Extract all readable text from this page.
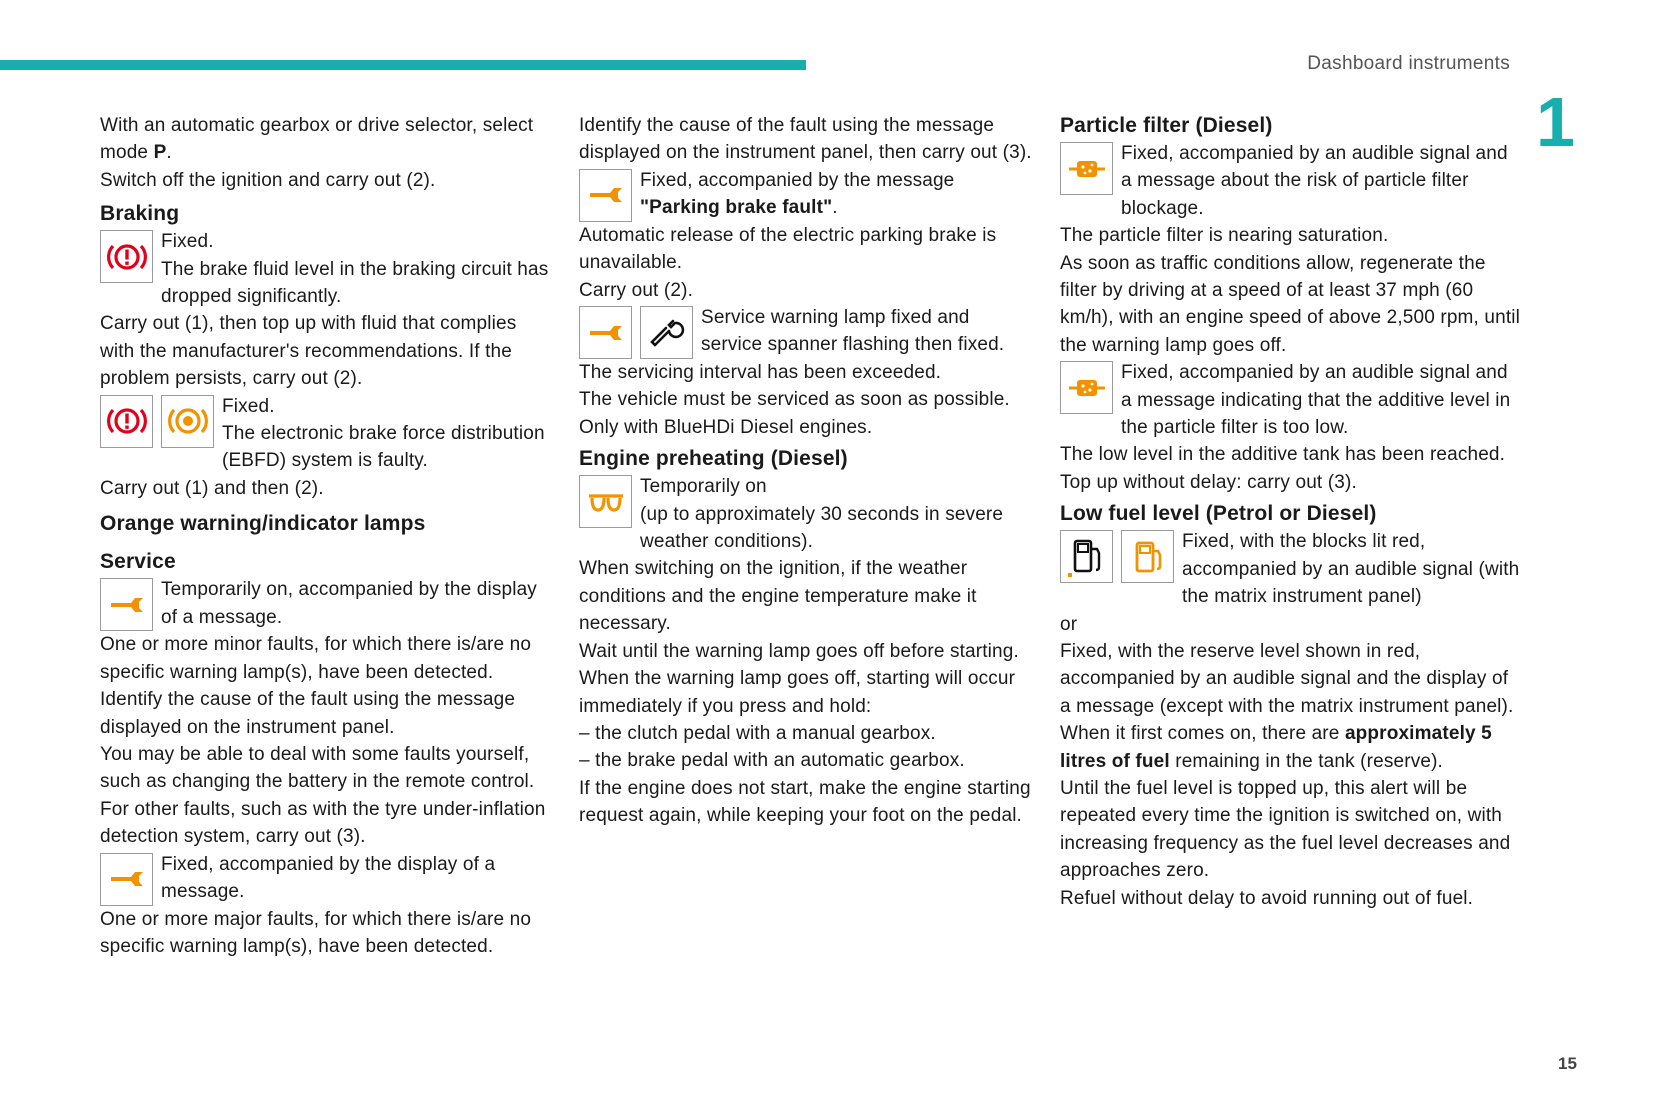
Dashboard instruments
1
15

With an automatic gearbox or drive selector, select mode P.

Switch off the ignition and carry out (2).

Braking

Fixed.

The brake fluid level in the braking circuit has dropped significantly.

Carry out (1), then top up with fluid that complies with the manufacturer's recommendations. If the problem persists, carry out (2).

Fixed.

The electronic brake force distribution (EBFD) system is faulty.

Carry out (1) and then (2).

Orange warning/indicator lamps
Service

Temporarily on, accompanied by the display of a message.

One or more minor faults, for which there is/are no specific warning lamp(s), have been detected.

Identify the cause of the fault using the message displayed on the instrument panel.

You may be able to deal with some faults yourself, such as changing the battery in the remote control.

For other faults, such as with the tyre under-inflation detection system, carry out (3).

Fixed, accompanied by the display of a message.

One or more major faults, for which there is/are no specific warning lamp(s), have been detected.

Identify the cause of the fault using the message displayed on the instrument panel, then carry out (3).

Fixed, accompanied by the message "Parking brake fault".

Automatic release of the electric parking brake is unavailable.

Carry out (2).

Service warning lamp fixed and service spanner flashing then fixed.

The servicing interval has been exceeded.

The vehicle must be serviced as soon as possible.

Only with BlueHDi Diesel engines.

Engine preheating (Diesel)

Temporarily on

(up to approximately 30 seconds in severe weather conditions).

When switching on the ignition, if the weather conditions and the engine temperature make it necessary.

Wait until the warning lamp goes off before starting.

When the warning lamp goes off, starting will occur immediately if you press and hold:

– the clutch pedal with a manual gearbox.

– the brake pedal with an automatic gearbox.

If the engine does not start, make the engine starting request again, while keeping your foot on the pedal.

Particle filter (Diesel)

Fixed, accompanied by an audible signal and a message about the risk of particle filter blockage.

The particle filter is nearing saturation.

As soon as traffic conditions allow, regenerate the filter by driving at a speed of at least 37 mph (60 km/h), with an engine speed of above 2,500 rpm, until the warning lamp goes off.

Fixed, accompanied by an audible signal and a message indicating that the additive level in the particle filter is too low.

The low level in the additive tank has been reached.

Top up without delay: carry out (3).

Low fuel level (Petrol or Diesel)

Fixed, with the blocks lit red, accompanied by an audible signal (with the matrix instrument panel)

or

Fixed, with the reserve level shown in red, accompanied by an audible signal and the display of a message (except with the matrix instrument panel).

When it first comes on, there are approximately 5 litres of fuel remaining in the tank (reserve).

Until the fuel level is topped up, this alert will be repeated every time the ignition is switched on, with increasing frequency as the fuel level decreases and approaches zero.

Refuel without delay to avoid running out of fuel.
